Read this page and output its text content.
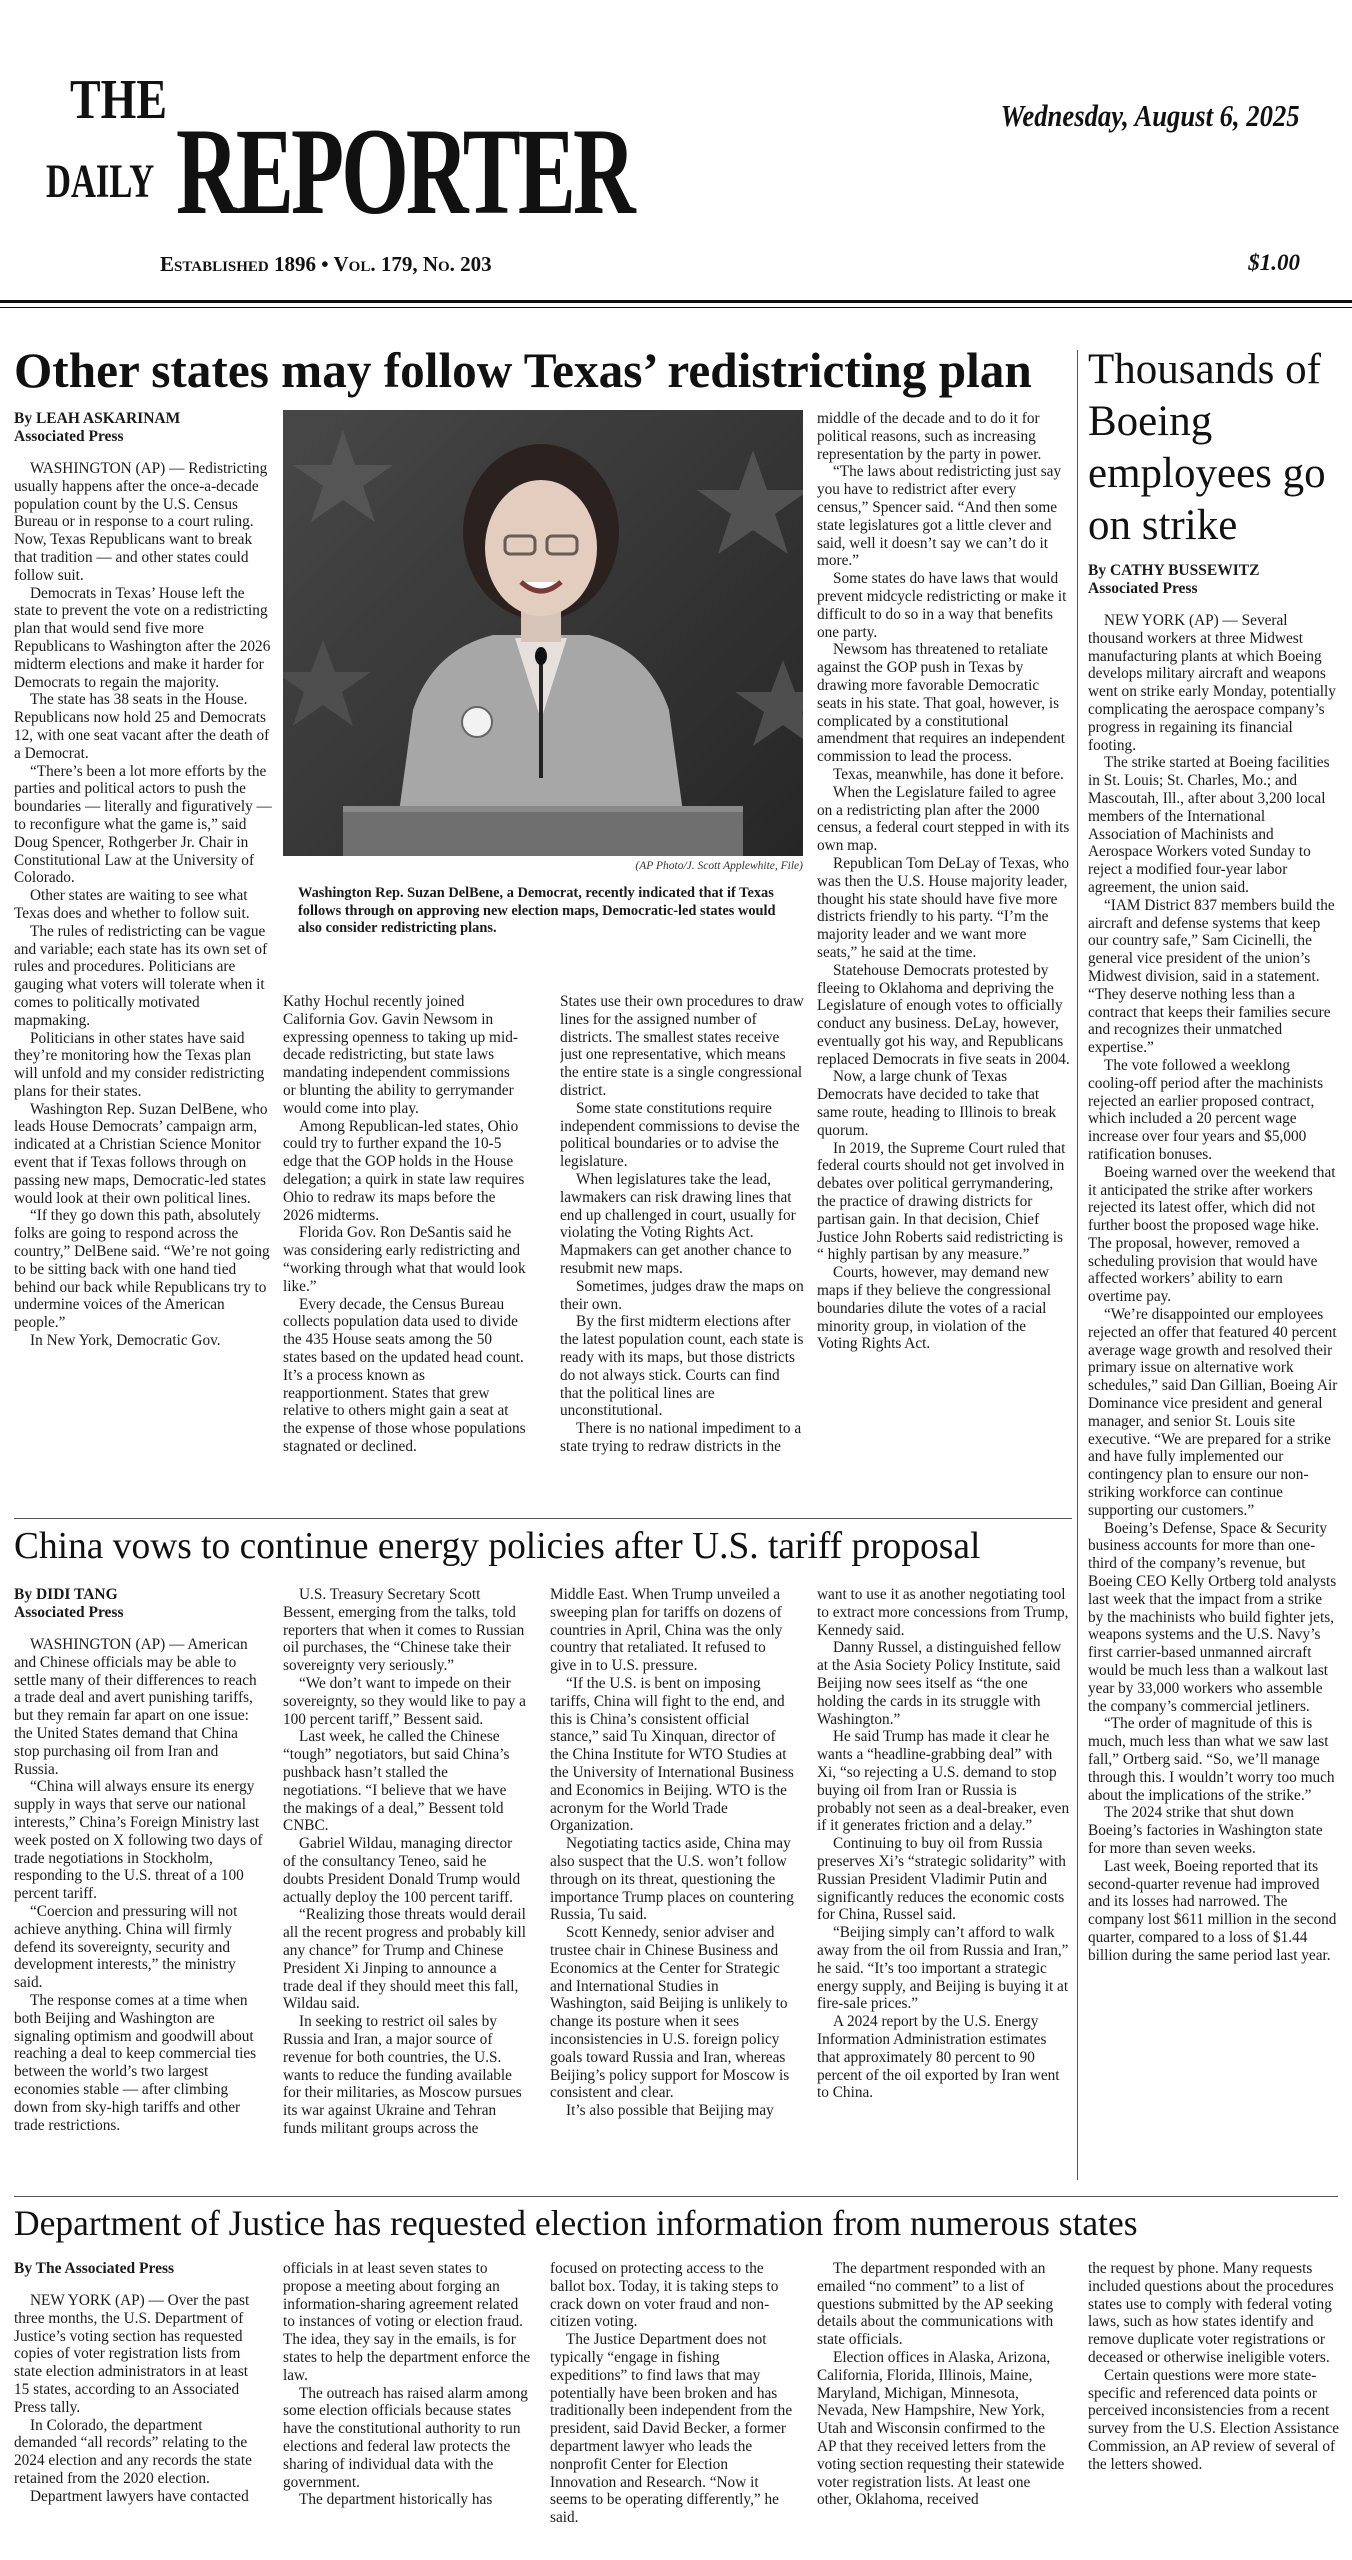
THE
DAILY REPORTER	Wednesday, August 6, 2025
Established 1896 • Vol. 179, No. 203	$1.00
Other states may follow Texas’ redistricting plan
By LEAH ASKARINAM
Associated Press

WASHINGTON (AP) — Redistricting usually happens after the once-a-decade population count by the U.S. Census Bureau or in response to a court ruling. Now, Texas Republicans want to break that tradition — and other states could follow suit.

Democrats in Texas’ House left the state to prevent the vote on a redistricting plan that would send five more Republicans to Washington after the 2026 midterm elections and make it harder for Democrats to regain the majority.

The state has 38 seats in the House. Republicans now hold 25 and Democrats 12, with one seat vacant after the death of a Democrat.

“There’s been a lot more efforts by the parties and political actors to push the boundaries — literally and figuratively — to reconfigure what the game is,” said Doug Spencer, Rothgerber Jr. Chair in Constitutional Law at the University of Colorado.

Other states are waiting to see what Texas does and whether to follow suit.

The rules of redistricting can be vague and variable; each state has its own set of rules and procedures. Politicians are gauging what voters will tolerate when it comes to politically motivated mapmaking.

Politicians in other states have said they’re monitoring how the Texas plan will unfold and my consider redistricting plans for their states.

Washington Rep. Suzan DelBene, who leads House Democrats’ campaign arm, indicated at a Christian Science Monitor event that if Texas follows through on passing new maps, Democratic-led states would look at their own political lines.

“If they go down this path, absolutely folks are going to respond across the country,” DelBene said. “We’re not going to be sitting back with one hand tied behind our back while Republicans try to undermine voices of the American people.”

In New York, Democratic Gov.

(AP Photo/J. Scott Applewhite, File)
Washington Rep. Suzan DelBene, a Democrat, recently indicated that if Texas follows through on approving new election maps, Democratic-led states would also consider redistricting plans.

Kathy Hochul recently joined California Gov. Gavin Newsom in expressing openness to taking up mid-decade redistricting, but state laws mandating independent commissions or blunting the ability to gerrymander would come into play.

Among Republican-led states, Ohio could try to further expand the 10-5 edge that the GOP holds in the House delegation; a quirk in state law requires Ohio to redraw its maps before the 2026 midterms.

Florida Gov. Ron DeSantis said he was considering early redistricting and “working through what that would look like.”

Every decade, the Census Bureau collects population data used to divide the 435 House seats among the 50 states based on the updated head count. It’s a process known as reapportionment. States that grew relative to others might gain a seat at the expense of those whose populations stagnated or declined.

States use their own procedures to draw lines for the assigned number of districts. The smallest states receive just one representative, which means the entire state is a single congressional district.

Some state constitutions require independent commissions to devise the political boundaries or to advise the legislature.

When legislatures take the lead, lawmakers can risk drawing lines that end up challenged in court, usually for violating the Voting Rights Act. Mapmakers can get another chance to resubmit new maps.

Sometimes, judges draw the maps on their own.

By the first midterm elections after the latest population count, each state is ready with its maps, but those districts do not always stick. Courts can find that the political lines are unconstitutional.

There is no national impediment to a state trying to redraw districts in the

middle of the decade and to do it for political reasons, such as increasing representation by the party in power.

“The laws about redistricting just say you have to redistrict after every census,” Spencer said. “And then some state legislatures got a little clever and said, well it doesn’t say we can’t do it more.”

Some states do have laws that would prevent midcycle redistricting or make it difficult to do so in a way that benefits one party.

Newsom has threatened to retaliate against the GOP push in Texas by drawing more favorable Democratic seats in his state. That goal, however, is complicated by a constitutional amendment that requires an independent commission to lead the process.

Texas, meanwhile, has done it before.

When the Legislature failed to agree on a redistricting plan after the 2000 census, a federal court stepped in with its own map.

Republican Tom DeLay of Texas, who was then the U.S. House majority leader, thought his state should have five more districts friendly to his party. “I’m the majority leader and we want more seats,” he said at the time.

Statehouse Democrats protested by fleeing to Oklahoma and depriving the Legislature of enough votes to officially conduct any business. DeLay, however, eventually got his way, and Republicans replaced Democrats in five seats in 2004.

Now, a large chunk of Texas Democrats have decided to take that same route, heading to Illinois to break quorum.

In 2019, the Supreme Court ruled that federal courts should not get involved in debates over political gerrymandering, the practice of drawing districts for partisan gain. In that decision, Chief Justice John Roberts said redistricting is “ highly partisan by any measure.”

Courts, however, may demand new maps if they believe the congressional boundaries dilute the votes of a racial minority group, in violation of the Voting Rights Act.

Thousands of Boeing employees go on strike
By CATHY BUSSEWITZ
Associated Press

NEW YORK (AP) — Several thousand workers at three Midwest manufacturing plants at which Boeing develops military aircraft and weapons went on strike early Monday, potentially complicating the aerospace company’s progress in regaining its financial footing.

The strike started at Boeing facilities in St. Louis; St. Charles, Mo.; and Mascoutah, Ill., after about 3,200 local members of the International Association of Machinists and Aerospace Workers voted Sunday to reject a modified four-year labor agreement, the union said.

“IAM District 837 members build the aircraft and defense systems that keep our country safe,” Sam Cicinelli, the general vice president of the union’s Midwest division, said in a statement. “They deserve nothing less than a contract that keeps their families secure and recognizes their unmatched expertise.”

The vote followed a weeklong cooling-off period after the machinists rejected an earlier proposed contract, which included a 20 percent wage increase over four years and $5,000 ratification bonuses.

Boeing warned over the weekend that it anticipated the strike after workers rejected its latest offer, which did not further boost the proposed wage hike. The proposal, however, removed a scheduling provision that would have affected workers’ ability to earn overtime pay.

“We’re disappointed our employees rejected an offer that featured 40 percent average wage growth and resolved their primary issue on alternative work schedules,” said Dan Gillian, Boeing Air Dominance vice president and general manager, and senior St. Louis site executive. “We are prepared for a strike and have fully implemented our contingency plan to ensure our non-striking workforce can continue supporting our customers.”

Boeing’s Defense, Space & Security business accounts for more than one-third of the company’s revenue, but Boeing CEO Kelly Ortberg told analysts last week that the impact from a strike by the machinists who build fighter jets, weapons systems and the U.S. Navy’s first carrier-based unmanned aircraft would be much less than a walkout last year by 33,000 workers who assemble the company’s commercial jetliners.

“The order of magnitude of this is much, much less than what we saw last fall,” Ortberg said. “So, we’ll manage through this. I wouldn’t worry too much about the implications of the strike.”

The 2024 strike that shut down Boeing’s factories in Washington state for more than seven weeks.

Last week, Boeing reported that its second-quarter revenue had improved and its losses had narrowed. The company lost $611 million in the second quarter, compared to a loss of $1.44 billion during the same period last year.

China vows to continue energy policies after U.S. tariff proposal
By DIDI TANG
Associated Press

WASHINGTON (AP) — American and Chinese officials may be able to settle many of their differences to reach a trade deal and avert punishing tariffs, but they remain far apart on one issue: the United States demand that China stop purchasing oil from Iran and Russia.

“China will always ensure its energy supply in ways that serve our national interests,” China’s Foreign Ministry last week posted on X following two days of trade negotiations in Stockholm, responding to the U.S. threat of a 100 percent tariff.

“Coercion and pressuring will not achieve anything. China will firmly defend its sovereignty, security and development interests,” the ministry said.

The response comes at a time when both Beijing and Washington are signaling optimism and goodwill about reaching a deal to keep commercial ties between the world’s two largest economies stable — after climbing down from sky-high tariffs and other trade restrictions.

U.S. Treasury Secretary Scott Bessent, emerging from the talks, told reporters that when it comes to Russian oil purchases, the “Chinese take their sovereignty very seriously.”

“We don’t want to impede on their sovereignty, so they would like to pay a 100 percent tariff,” Bessent said.

Last week, he called the Chinese “tough” negotiators, but said China’s pushback hasn’t stalled the negotiations. “I believe that we have the makings of a deal,” Bessent told CNBC.

Gabriel Wildau, managing director of the consultancy Teneo, said he doubts President Donald Trump would actually deploy the 100 percent tariff.

“Realizing those threats would derail all the recent progress and probably kill any chance” for Trump and Chinese President Xi Jinping to announce a trade deal if they should meet this fall, Wildau said.

In seeking to restrict oil sales by Russia and Iran, a major source of revenue for both countries, the U.S. wants to reduce the funding available for their militaries, as Moscow pursues its war against Ukraine and Tehran funds militant groups across the

Middle East. When Trump unveiled a sweeping plan for tariffs on dozens of countries in April, China was the only country that retaliated. It refused to give in to U.S. pressure.

“If the U.S. is bent on imposing tariffs, China will fight to the end, and this is China’s consistent official stance,” said Tu Xinquan, director of the China Institute for WTO Studies at the University of International Business and Economics in Beijing. WTO is the acronym for the World Trade Organization.

Negotiating tactics aside, China may also suspect that the U.S. won’t follow through on its threat, questioning the importance Trump places on countering Russia, Tu said.

Scott Kennedy, senior adviser and trustee chair in Chinese Business and Economics at the Center for Strategic and International Studies in Washington, said Beijing is unlikely to change its posture when it sees inconsistencies in U.S. foreign policy goals toward Russia and Iran, whereas Beijing’s policy support for Moscow is consistent and clear.

It’s also possible that Beijing may

want to use it as another negotiating tool to extract more concessions from Trump, Kennedy said.

Danny Russel, a distinguished fellow at the Asia Society Policy Institute, said Beijing now sees itself as “the one holding the cards in its struggle with Washington.”

He said Trump has made it clear he wants a “headline-grabbing deal” with Xi, “so rejecting a U.S. demand to stop buying oil from Iran or Russia is probably not seen as a deal-breaker, even if it generates friction and a delay.”

Continuing to buy oil from Russia preserves Xi’s “strategic solidarity” with Russian President Vladimir Putin and significantly reduces the economic costs for China, Russel said.

“Beijing simply can’t afford to walk away from the oil from Russia and Iran,” he said. “It’s too important a strategic energy supply, and Beijing is buying it at fire-sale prices.”

A 2024 report by the U.S. Energy Information Administration estimates that approximately 80 percent to 90 percent of the oil exported by Iran went to China.

Department of Justice has requested election information from numerous states
By The Associated Press

NEW YORK (AP) — Over the past three months, the U.S. Department of Justice’s voting section has requested copies of voter registration lists from state election administrators in at least 15 states, according to an Associated Press tally.

In Colorado, the department demanded “all records” relating to the 2024 election and any records the state retained from the 2020 election.

Department lawyers have contacted

officials in at least seven states to propose a meeting about forging an information-sharing agreement related to instances of voting or election fraud. The idea, they say in the emails, is for states to help the department enforce the law.

The outreach has raised alarm among some election officials because states have the constitutional authority to run elections and federal law protects the sharing of individual data with the government.

The department historically has

focused on protecting access to the ballot box. Today, it is taking steps to crack down on voter fraud and non-citizen voting.

The Justice Department does not typically “engage in fishing expeditions” to find laws that may potentially have been broken and has traditionally been independent from the president, said David Becker, a former department lawyer who leads the nonprofit Center for Election Innovation and Research. “Now it seems to be operating differently,” he said.

The department responded with an emailed “no comment” to a list of questions submitted by the AP seeking details about the communications with state officials.

Election offices in Alaska, Arizona, California, Florida, Illinois, Maine, Maryland, Michigan, Minnesota, Nevada, New Hampshire, New York, Utah and Wisconsin confirmed to the AP that they received letters from the voting section requesting their statewide voter registration lists. At least one other, Oklahoma, received

the request by phone. Many requests included questions about the procedures states use to comply with federal voting laws, such as how states identify and remove duplicate voter registrations or deceased or otherwise ineligible voters.

Certain questions were more state-specific and referenced data points or perceived inconsistencies from a recent survey from the U.S. Election Assistance Commission, an AP review of several of the letters showed.
